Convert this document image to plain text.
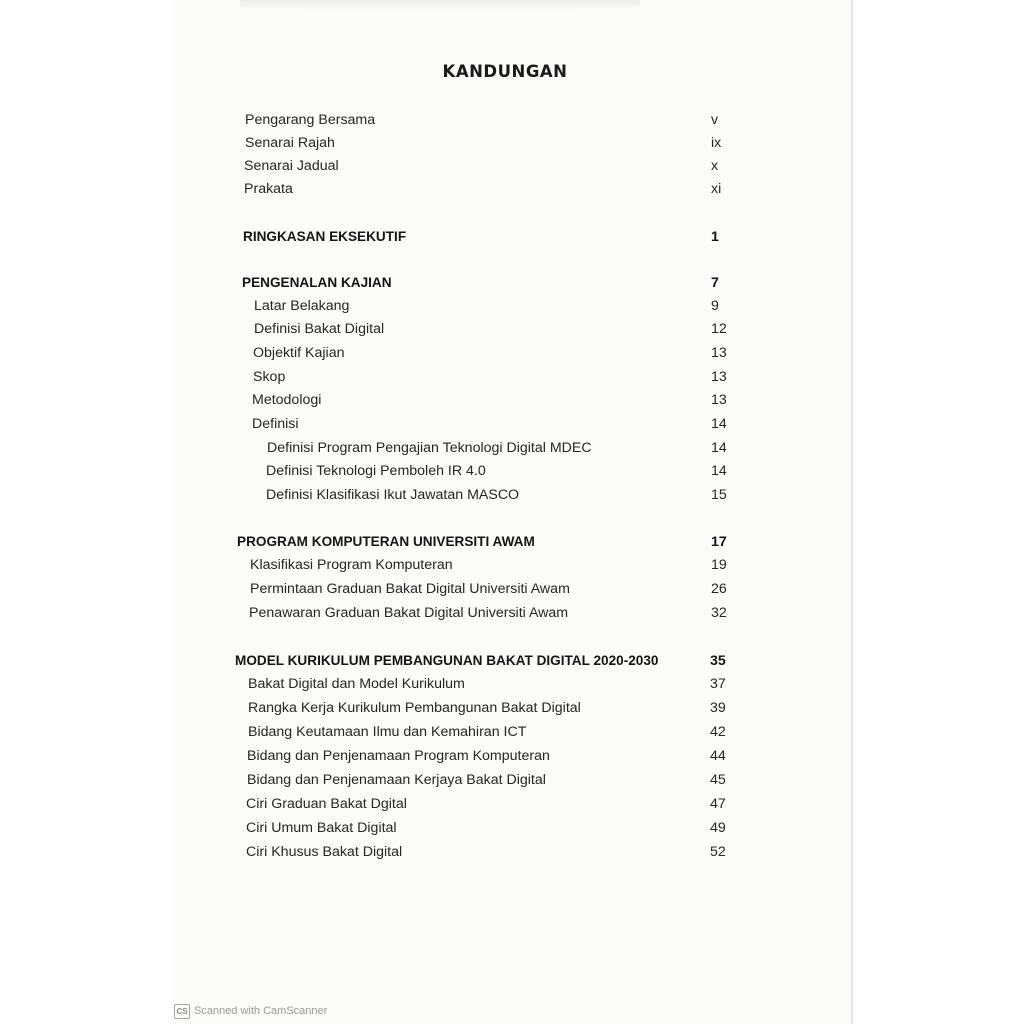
KANDUNGAN
Pengarang Bersama	v
Senarai Rajah	ix
Senarai Jadual	x
Prakata	xi
RINGKASAN EKSEKUTIF	1
PENGENALAN KAJIAN	7
Latar Belakang	9
Definisi Bakat Digital	12
Objektif Kajian	13
Skop	13
Metodologi	13
Definisi	14
Definisi Program Pengajian Teknologi Digital MDEC	14
Definisi Teknologi Pemboleh IR 4.0	14
Definisi Klasifikasi Ikut Jawatan MASCO	15
PROGRAM KOMPUTERAN UNIVERSITI AWAM	17
Klasifikasi Program Komputeran	19
Permintaan Graduan Bakat Digital Universiti Awam	26
Penawaran Graduan Bakat Digital Universiti Awam	32
MODEL KURIKULUM PEMBANGUNAN BAKAT DIGITAL 2020-2030	35
Bakat Digital dan Model Kurikulum	37
Rangka Kerja Kurikulum Pembangunan Bakat Digital	39
Bidang Keutamaan Ilmu dan Kemahiran ICT	42
Bidang dan Penjenamaan Program Komputeran	44
Bidang dan Penjenamaan Kerjaya Bakat Digital	45
Ciri Graduan Bakat Dgital	47
Ciri Umum Bakat Digital	49
Ciri Khusus Bakat Digital	52
CS Scanned with CamScanner
